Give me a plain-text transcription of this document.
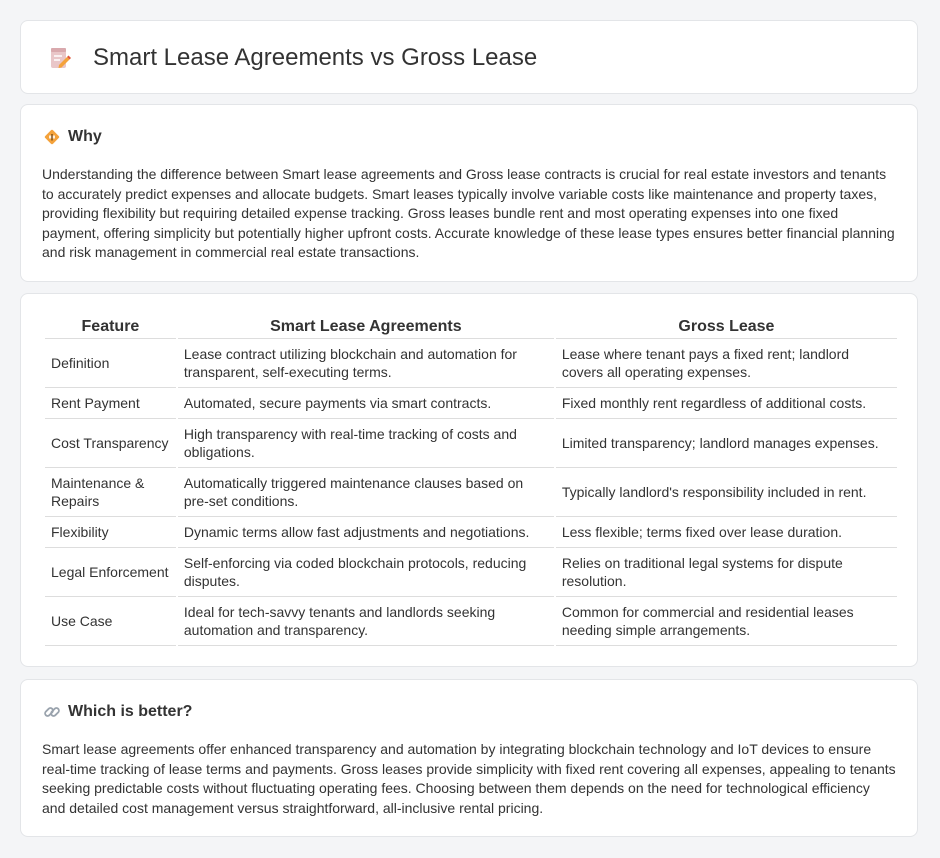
Smart Lease Agreements vs Gross Lease
Why

Understanding the difference between Smart lease agreements and Gross lease contracts is crucial for real estate investors and tenants to accurately predict expenses and allocate budgets. Smart leases typically involve variable costs like maintenance and property taxes, providing flexibility but requiring detailed expense tracking. Gross leases bundle rent and most operating expenses into one fixed payment, offering simplicity but potentially higher upfront costs. Accurate knowledge of these lease types ensures better financial planning and risk management in commercial real estate transactions.

Feature	Smart Lease Agreements	Gross Lease
Definition	Lease contract utilizing blockchain and automation for transparent, self-executing terms.	Lease where tenant pays a fixed rent; landlord covers all operating expenses.
Rent Payment	Automated, secure payments via smart contracts.	Fixed monthly rent regardless of additional costs.
Cost Transparency	High transparency with real-time tracking of costs and obligations.	Limited transparency; landlord manages expenses.
Maintenance & Repairs	Automatically triggered maintenance clauses based on pre-set conditions.	Typically landlord's responsibility included in rent.
Flexibility	Dynamic terms allow fast adjustments and negotiations.	Less flexible; terms fixed over lease duration.
Legal Enforcement	Self-enforcing via coded blockchain protocols, reducing disputes.	Relies on traditional legal systems for dispute resolution.
Use Case	Ideal for tech-savvy tenants and landlords seeking automation and transparency.	Common for commercial and residential leases needing simple arrangements.
Which is better?

Smart lease agreements offer enhanced transparency and automation by integrating blockchain technology and IoT devices to ensure real-time tracking of lease terms and payments. Gross leases provide simplicity with fixed rent covering all expenses, appealing to tenants seeking predictable costs without fluctuating operating fees. Choosing between them depends on the need for technological efficiency and detailed cost management versus straightforward, all-inclusive rental pricing.
